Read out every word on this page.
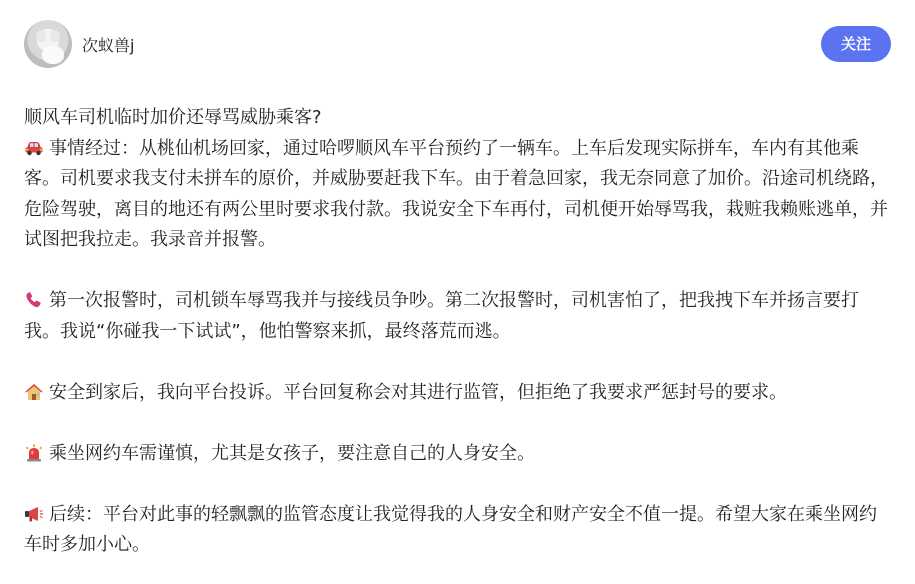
次蚁兽j	关注

顺风车司机临时加价还辱骂威胁乘客?

事情经过：从桃仙机场回家，通过哈啰顺风车平台预约了一辆车。上车后发现实际拼车，车内有其他乘客。司机要求我支付未拼车的原价，并威胁要赶我下车。由于着急回家，我无奈同意了加价。沿途司机绕路，危险驾驶，离目的地还有两公里时要求我付款。我说安全下车再付，司机便开始辱骂我，栽赃我赖账逃单，并试图把我拉走。我录音并报警。

第一次报警时，司机锁车辱骂我并与接线员争吵。第二次报警时，司机害怕了，把我拽下车并扬言要打我。我说“你碰我一下试试”，他怕警察来抓，最终落荒而逃。

安全到家后，我向平台投诉。平台回复称会对其进行监管，但拒绝了我要求严惩封号的要求。

乘坐网约车需谨慎，尤其是女孩子，要注意自己的人身安全。

后续：平台对此事的轻飘飘的监管态度让我觉得我的人身安全和财产安全不值一提。希望大家在乘坐网约车时多加小心。
